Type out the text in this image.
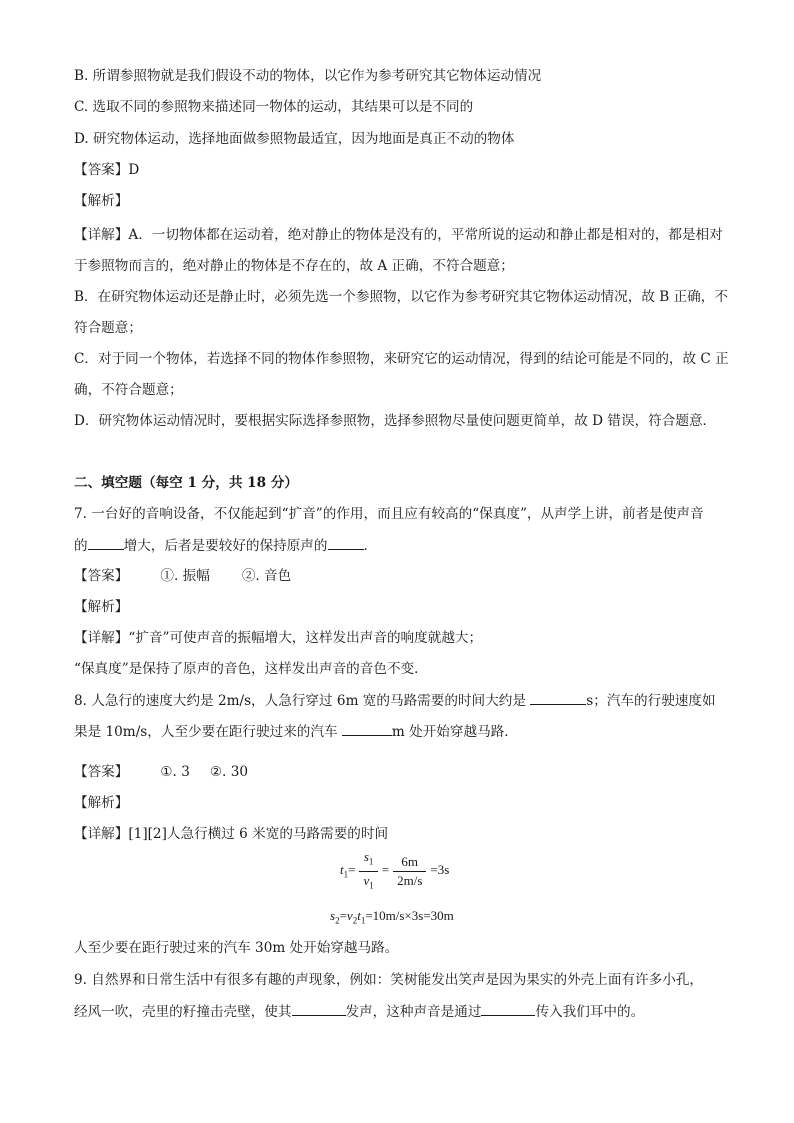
B. 所谓参照物就是我们假设不动的物体，以它作为参考研究其它物体运动情况
C. 选取不同的参照物来描述同一物体的运动，其结果可以是不同的
D. 研究物体运动，选择地面做参照物最适宜，因为地面是真正不动的物体
【答案】D
【解析】
【详解】A．一切物体都在运动着，绝对静止的物体是没有的，平常所说的运动和静止都是相对的，都是相对于参照物而言的，绝对静止的物体是不存在的，故 A 正确，不符合题意；
B．在研究物体运动还是静止时，必须先选一个参照物，以它作为参考研究其它物体运动情况，故 B 正确，不符合题意；
C．对于同一个物体，若选择不同的物体作参照物，来研究它的运动情况，得到的结论可能是不同的，故 C 正确，不符合题意；
D．研究物体运动情况时，要根据实际选择参照物，选择参照物尽量使问题更简单，故 D 错误，符合题意．
二、填空题（每空 1 分，共 18 分）
7. 一台好的音响设备，不仅能起到“扩音”的作用，而且应有较高的“保真度”，从声学上讲，前者是使声音
的	增大，后者是要较好的保持原声的	．
【答案】 ①. 振幅 ②. 音色
【解析】
【详解】“扩音”可使声音的振幅增大，这样发出声音的响度就越大；
“保真度”是保持了原声的音色，这样发出声音的音色不变．
8. 人急行的速度大约是 2m/s，人急行穿过 6m 宽的马路需要的时间大约是	s；汽车的行驶速度如
果是 10m/s，人至少要在距行驶过来的汽车	m 处开始穿越马路．
【答案】 ①. 3 ②. 30
【解析】
【详解】[1][2]人急行横过 6 米宽的马路需要的时间
$t_1= \frac{s_1}{v_1} = \frac{6m}{2m/s} =3s$
$s_2=v_2t_1=10m/s\times 3s=30m$
人至少要在距行驶过来的汽车 30m 处开始穿越马路。
9. 自然界和日常生活中有很多有趣的声现象，例如：笑树能发出笑声是因为果实的外壳上面有许多小孔，
经风一吹，壳里的籽撞击壳壁，使其	发声，这种声音是通过	传入我们耳中的。
